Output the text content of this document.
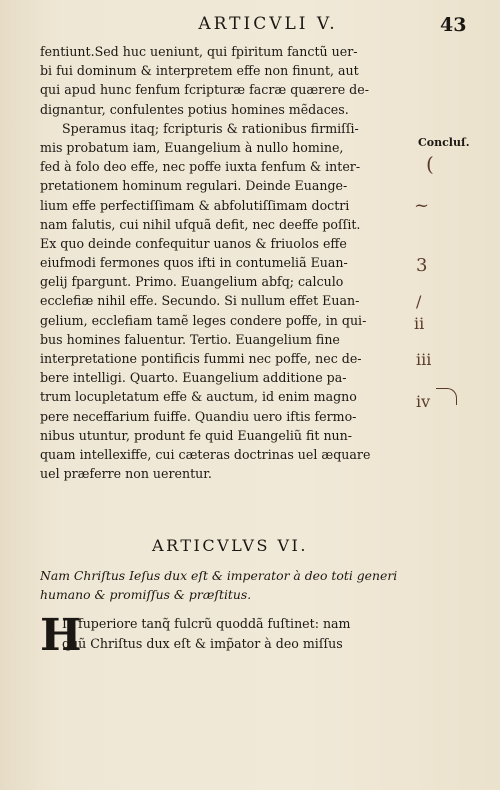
ARTICVLI V.	43
fentiunt.Sed huc ueniunt, qui fpiritum fanctũ uer-
bi fui dominum & interpretem effe non finunt, aut
qui apud hunc fenfum fcripturæ facræ quærere de-
dignantur, confulentes potius homines mẽdaces.
Speramus itaq; fcripturis & rationibus firmiſſi-
mis probatum iam, Euangelium à nullo homine,
fed à folo deo effe, nec poffe iuxta fenfum & inter-
pretationem hominum regulari. Deinde Euange-
lium effe perfectiſſimam & abfolutiſſimam doctri
nam falutis, cui nihil ufquã defit, nec deeffe poſſit.
Ex quo deinde confequitur uanos & friuolos effe
eiufmodi fermones quos ifti in contumeliã Euan-
gelij fpargunt. Primo. Euangelium abfq; calculo
ecclefiæ nihil effe. Secundo. Si nullum effet Euan-
gelium, ecclefiam tamẽ leges condere poffe, in qui-
bus homines faluentur. Tertio. Euangelium fine
interpretatione pontificis fummi nec poffe, nec de-
bere intelligi. Quarto. Euangelium additione pa-
trum locupletatum effe & auctum, id enim magno
pere neceffarium fuiffe. Quandiu uero iftis fermo-
nibus utuntur, produnt fe quid Euangeliũ fit nun-
quam intellexiffe, cui cæteras doctrinas uel æquare
uel præferre non uerentur.
Concluſ.
(
~
3
/
ii
iii
iv
ARTICVLVS VI.
Nam Chriſtus Ieſus dux eſt & imperator à deo toti generi
humano & promiſſus & præſtitus.
H
Ic fuperiore tanq̃ fulcrũ quoddã fuſtinet: nam
quũ Chriſtus dux eſt & imp̃ator à deo miſſus
